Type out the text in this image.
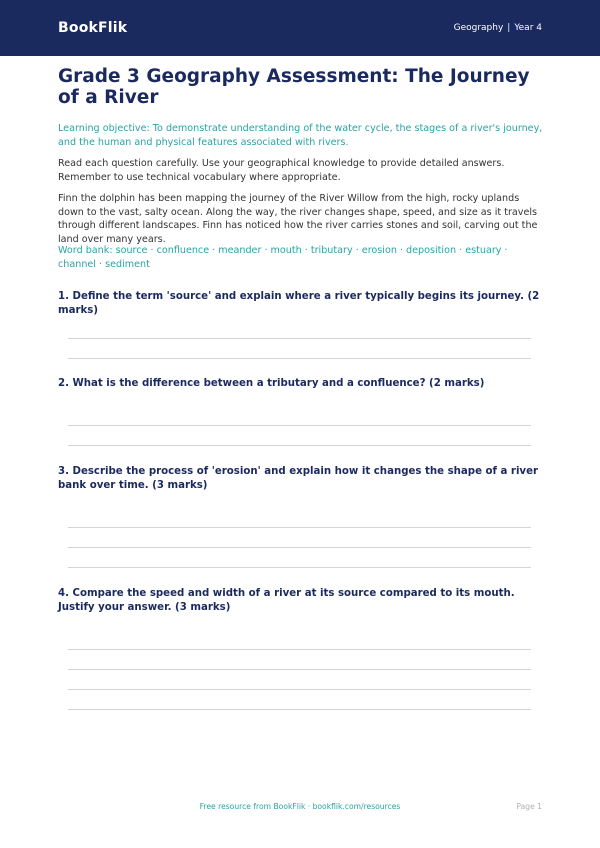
BookFlik	Geography | Year 4
Grade 3 Geography Assessment: The Journey of a River

Learning objective: To demonstrate understanding of the water cycle, the stages of a river's journey, and the human and physical features associated with rivers.

Read each question carefully. Use your geographical knowledge to provide detailed answers. Remember to use technical vocabulary where appropriate.

Finn the dolphin has been mapping the journey of the River Willow from the high, rocky uplands down to the vast, salty ocean. Along the way, the river changes shape, speed, and size as it travels through different landscapes. Finn has noticed how the river carries stones and soil, carving out the land over many years.

Word bank: source · confluence · meander · mouth · tributary · erosion · deposition · estuary · channel · sediment

1. Define the term 'source' and explain where a river typically begins its journey. (2 marks)

2. What is the difference between a tributary and a confluence? (2 marks)

3. Describe the process of 'erosion' and explain how it changes the shape of a river bank over time. (3 marks)

4. Compare the speed and width of a river at its source compared to its mouth. Justify your answer. (3 marks)

Free resource from BookFlik · bookflik.com/resources	Page 1
